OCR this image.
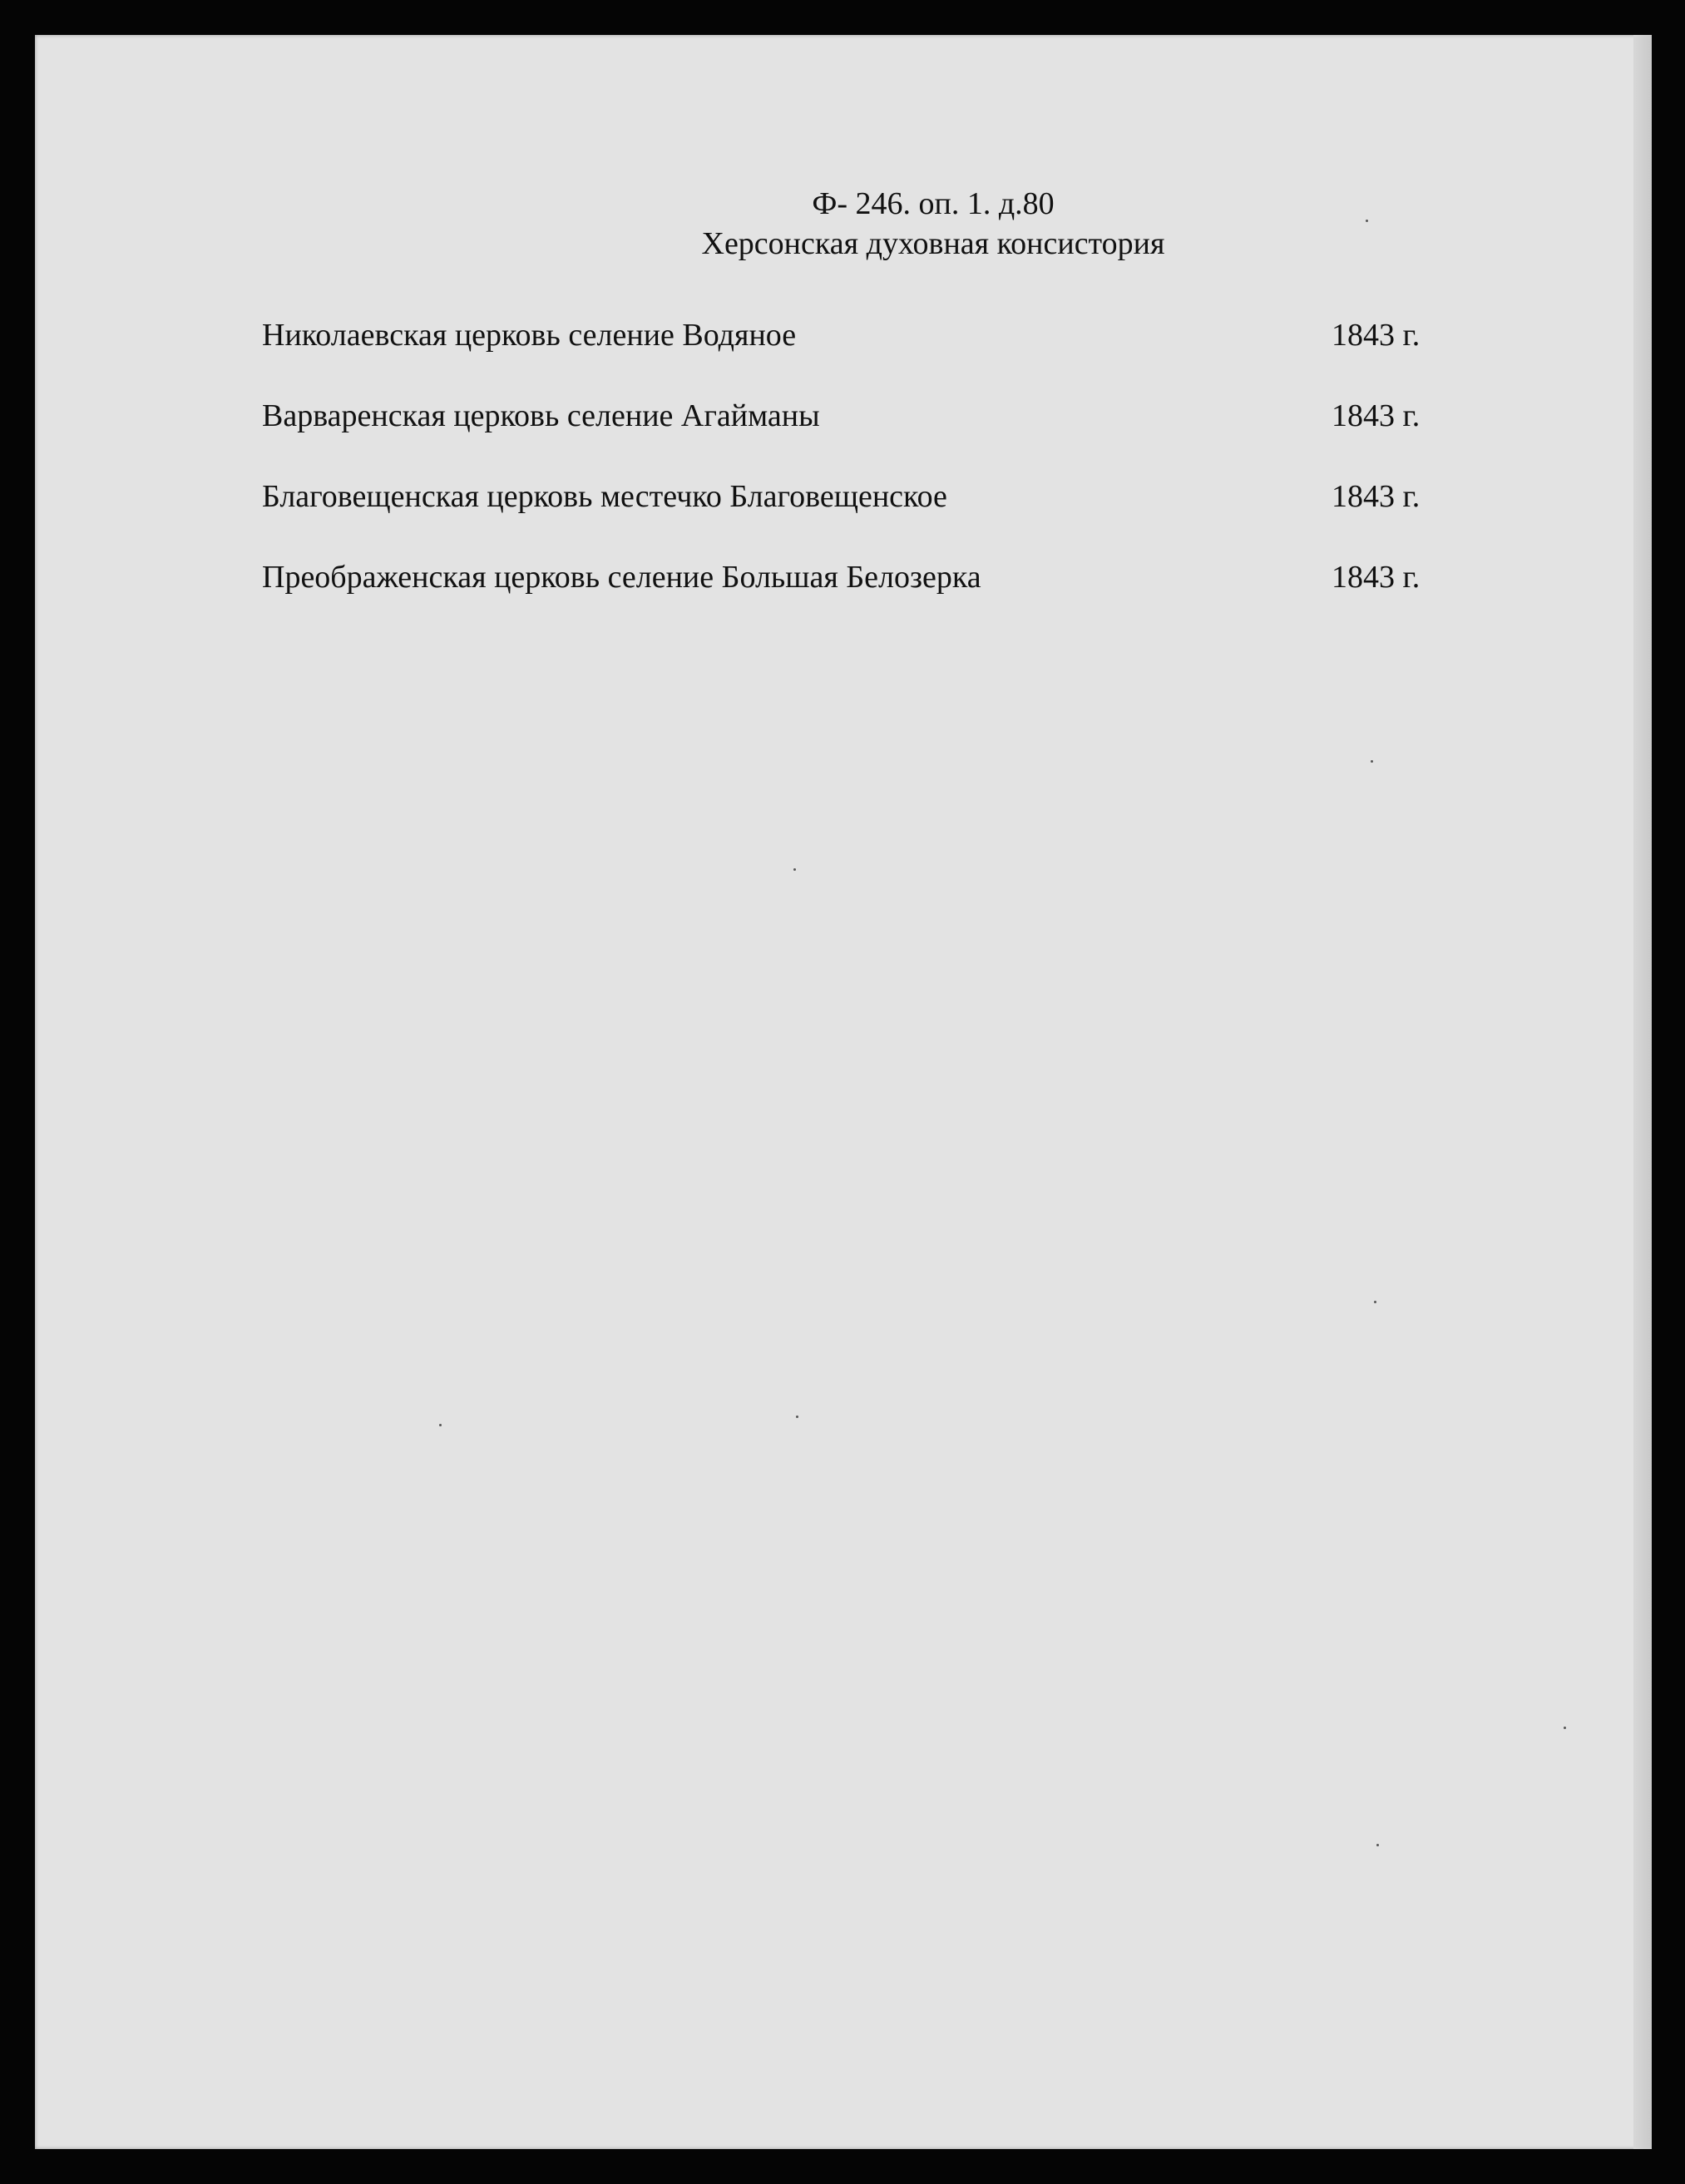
Ф- 246. оп. 1. д.80
Херсонская духовная консистория
Николаевская церковь селение Водяное	1843 г.
Варваренская церковь селение Агайманы	1843 г.
Благовещенская церковь местечко Благовещенское	1843 г.
Преображенская церковь селение Большая Белозерка	1843 г.
